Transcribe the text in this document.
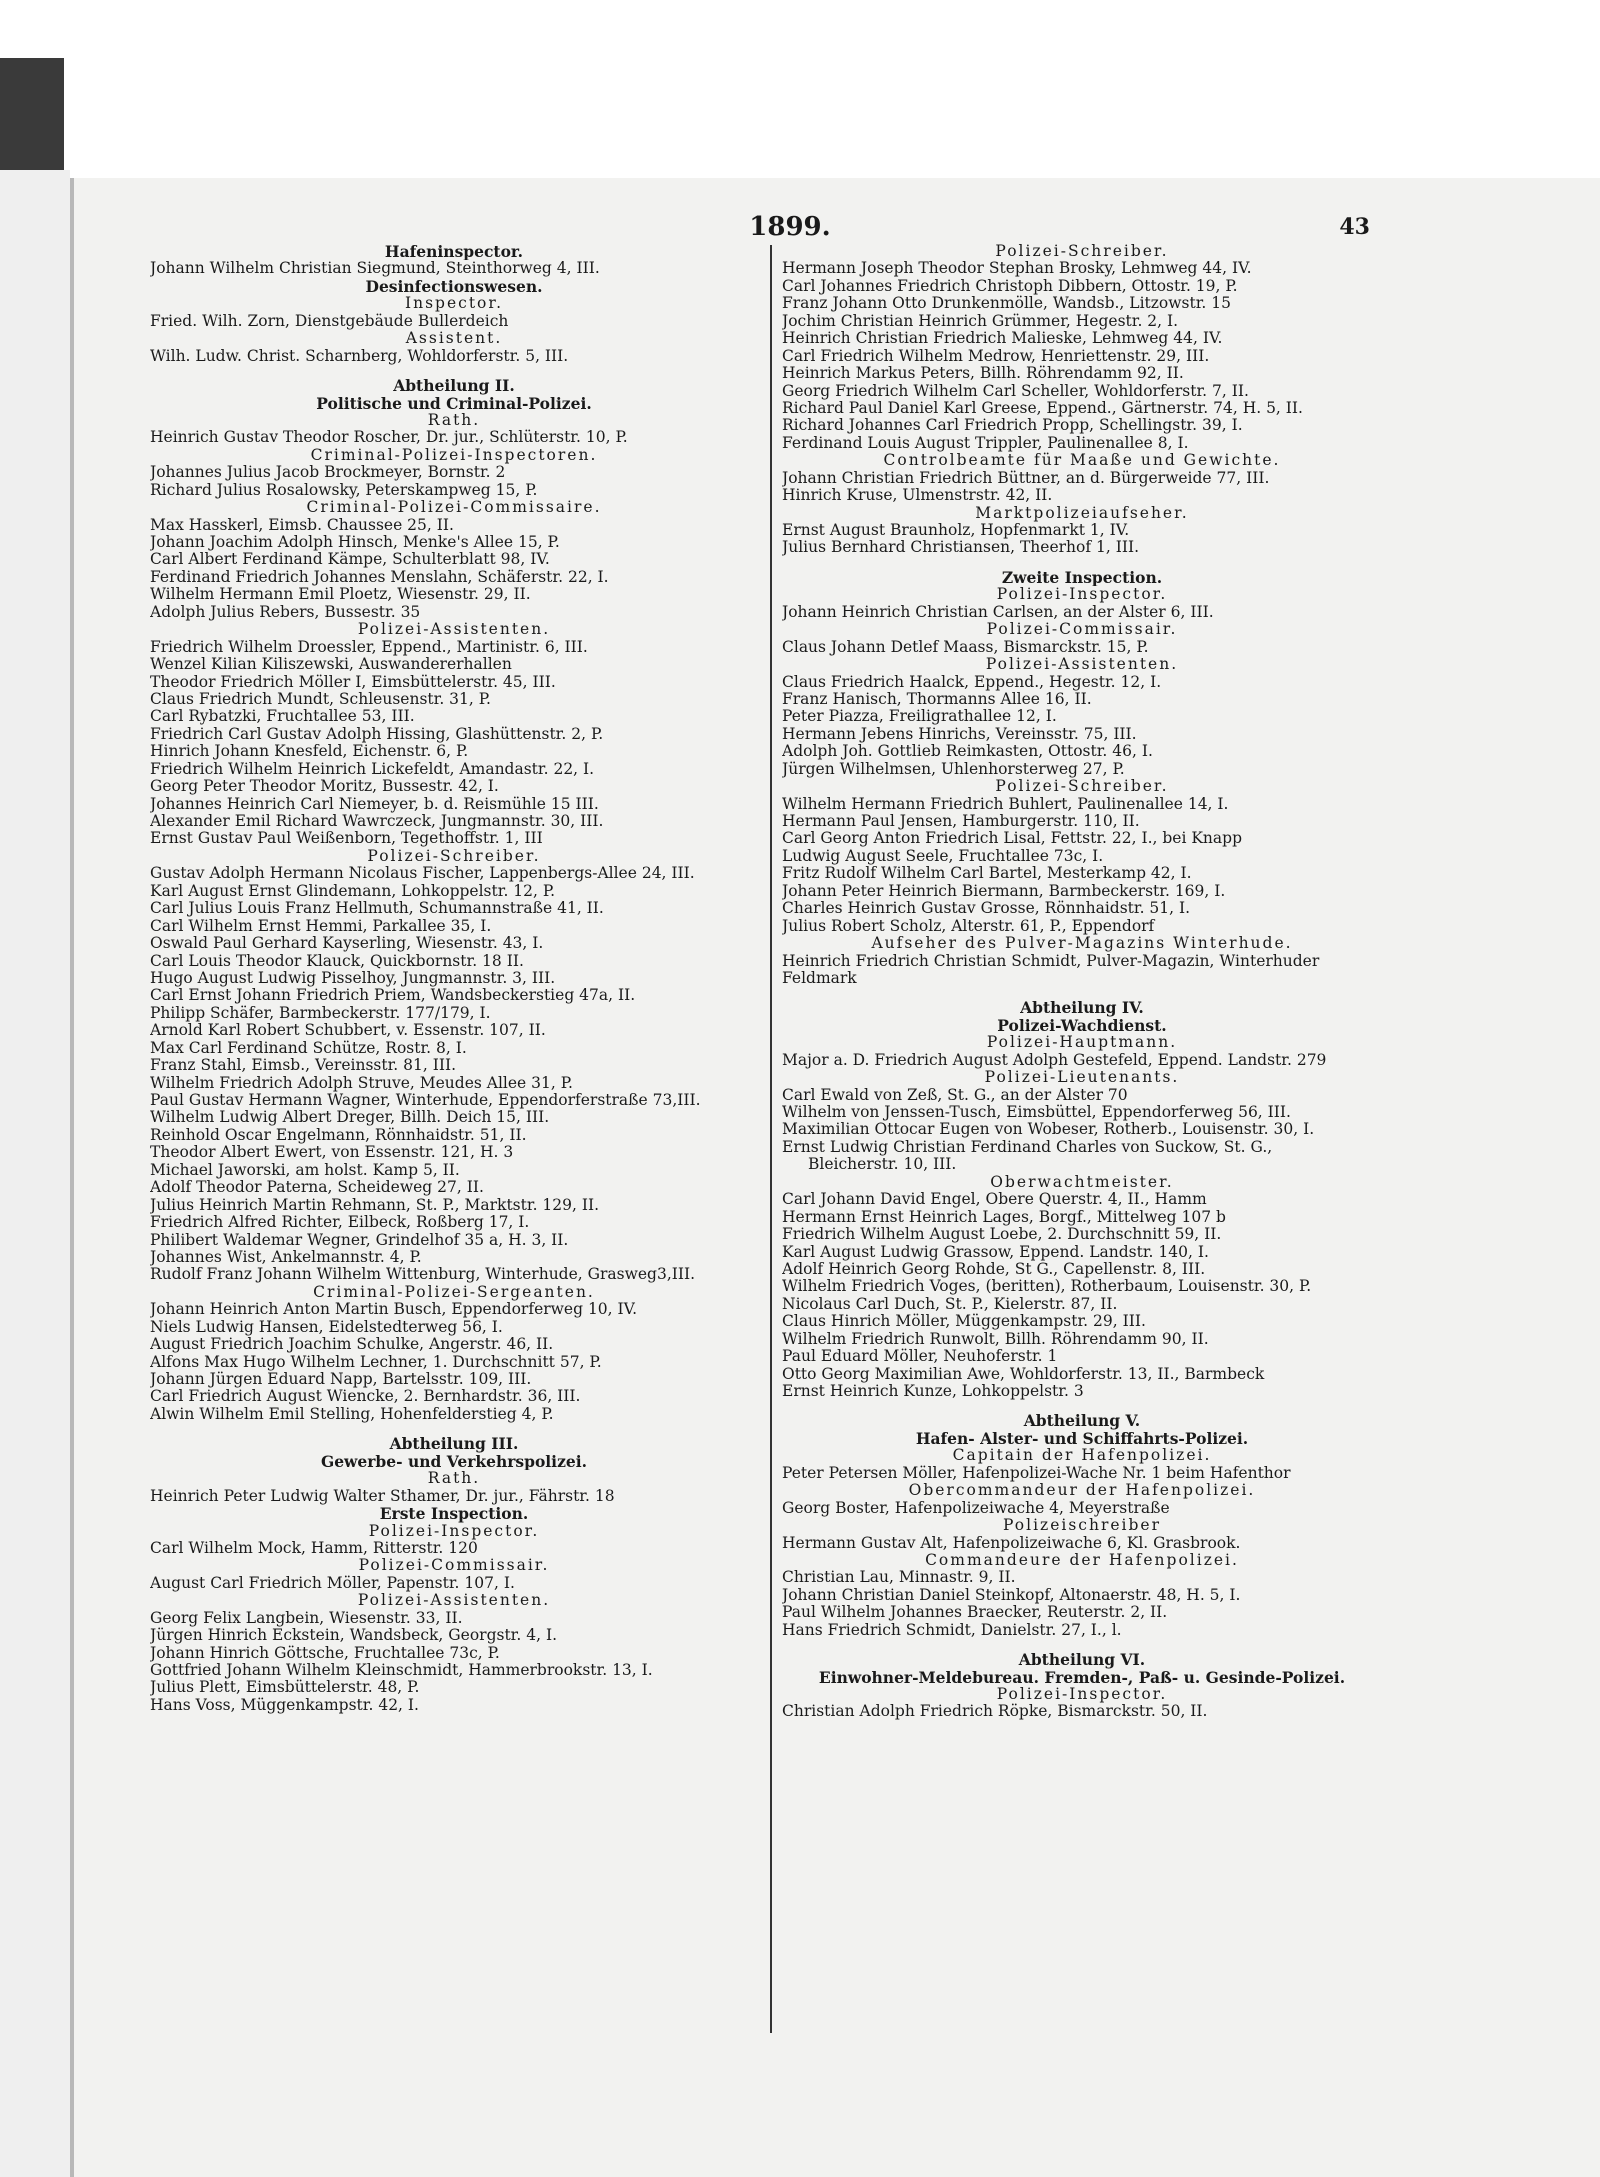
1899.	43
Hafeninspector.
Johann Wilhelm Christian Siegmund, Steinthorweg 4, III.
Desinfectionswesen.
Inspector.
Fried. Wilh. Zorn, Dienstgebäude Bullerdeich
Assistent.
Wilh. Ludw. Christ. Scharnberg, Wohldorferstr. 5, III.
Abtheilung II.
Politische und Criminal-Polizei.
Rath.
Heinrich Gustav Theodor Roscher, Dr. jur., Schlüterstr. 10, P.
Criminal-Polizei-Inspectoren.
Johannes Julius Jacob Brockmeyer, Bornstr. 2
Richard Julius Rosalowsky, Peterskampweg 15, P.
Criminal-Polizei-Commissaire.
Max Hasskerl, Eimsb. Chaussee 25, II.
Johann Joachim Adolph Hinsch, Menke's Allee 15, P.
Carl Albert Ferdinand Kämpe, Schulterblatt 98, IV.
Ferdinand Friedrich Johannes Menslahn, Schäferstr. 22, I.
Wilhelm Hermann Emil Ploetz, Wiesenstr. 29, II.
Adolph Julius Rebers, Bussestr. 35
Polizei-Assistenten.
Friedrich Wilhelm Droessler, Eppend., Martinistr. 6, III.
Wenzel Kilian Kiliszewski, Auswandererhallen
Theodor Friedrich Möller I, Eimsbüttelerstr. 45, III.
Claus Friedrich Mundt, Schleusenstr. 31, P.
Carl Rybatzki, Fruchtallee 53, III.
Friedrich Carl Gustav Adolph Hissing, Glashüttenstr. 2, P.
Hinrich Johann Knesfeld, Eichenstr. 6, P.
Friedrich Wilhelm Heinrich Lickefeldt, Amandastr. 22, I.
Georg Peter Theodor Moritz, Bussestr. 42, I.
Johannes Heinrich Carl Niemeyer, b. d. Reismühle 15 III.
Alexander Emil Richard Wawrczeck, Jungmannstr. 30, III.
Ernst Gustav Paul Weißenborn, Tegethoffstr. 1, III
Polizei-Schreiber.
Gustav Adolph Hermann Nicolaus Fischer, Lappenbergs-Allee 24, III.
Karl August Ernst Glindemann, Lohkoppelstr. 12, P.
Carl Julius Louis Franz Hellmuth, Schumannstraße 41, II.
Carl Wilhelm Ernst Hemmi, Parkallee 35, I.
Oswald Paul Gerhard Kayserling, Wiesenstr. 43, I.
Carl Louis Theodor Klauck, Quickbornstr. 18 II.
Hugo August Ludwig Pisselhoy, Jungmannstr. 3, III.
Carl Ernst Johann Friedrich Priem, Wandsbeckerstieg 47a, II.
Philipp Schäfer, Barmbeckerstr. 177/179, I.
Arnold Karl Robert Schubbert, v. Essenstr. 107, II.
Max Carl Ferdinand Schütze, Rostr. 8, I.
Franz Stahl, Eimsb., Vereinsstr. 81, III.
Wilhelm Friedrich Adolph Struve, Meudes Allee 31, P.
Paul Gustav Hermann Wagner, Winterhude, Eppendorferstraße 73,III.
Wilhelm Ludwig Albert Dreger, Billh. Deich 15, III.
Reinhold Oscar Engelmann, Rönnhaidstr. 51, II.
Theodor Albert Ewert, von Essenstr. 121, H. 3
Michael Jaworski, am holst. Kamp 5, II.
Adolf Theodor Paterna, Scheideweg 27, II.
Julius Heinrich Martin Rehmann, St. P., Marktstr. 129, II.
Friedrich Alfred Richter, Eilbeck, Roßberg 17, I.
Philibert Waldemar Wegner, Grindelhof 35 a, H. 3, II.
Johannes Wist, Ankelmannstr. 4, P.
Rudolf Franz Johann Wilhelm Wittenburg, Winterhude, Grasweg3,III.
Criminal-Polizei-Sergeanten.
Johann Heinrich Anton Martin Busch, Eppendorferweg 10, IV.
Niels Ludwig Hansen, Eidelstedterweg 56, I.
August Friedrich Joachim Schulke, Angerstr. 46, II.
Alfons Max Hugo Wilhelm Lechner, 1. Durchschnitt 57, P.
Johann Jürgen Eduard Napp, Bartelsstr. 109, III.
Carl Friedrich August Wiencke, 2. Bernhardstr. 36, III.
Alwin Wilhelm Emil Stelling, Hohenfelderstieg 4, P.
Abtheilung III.
Gewerbe- und Verkehrspolizei.
Rath.
Heinrich Peter Ludwig Walter Sthamer, Dr. jur., Fährstr. 18
Erste Inspection.
Polizei-Inspector.
Carl Wilhelm Mock, Hamm, Ritterstr. 120
Polizei-Commissair.
August Carl Friedrich Möller, Papenstr. 107, I.
Polizei-Assistenten.
Georg Felix Langbein, Wiesenstr. 33, II.
Jürgen Hinrich Eckstein, Wandsbeck, Georgstr. 4, I.
Johann Hinrich Göttsche, Fruchtallee 73c, P.
Gottfried Johann Wilhelm Kleinschmidt, Hammerbrookstr. 13, I.
Julius Plett, Eimsbüttelerstr. 48, P.
Hans Voss, Müggenkampstr. 42, I.
Polizei-Schreiber.
Hermann Joseph Theodor Stephan Brosky, Lehmweg 44, IV.
Carl Johannes Friedrich Christoph Dibbern, Ottostr. 19, P.
Franz Johann Otto Drunkenmölle, Wandsb., Litzowstr. 15
Jochim Christian Heinrich Grümmer, Hegestr. 2, I.
Heinrich Christian Friedrich Malieske, Lehmweg 44, IV.
Carl Friedrich Wilhelm Medrow, Henriettenstr. 29, III.
Heinrich Markus Peters, Billh. Röhrendamm 92, II.
Georg Friedrich Wilhelm Carl Scheller, Wohldorferstr. 7, II.
Richard Paul Daniel Karl Greese, Eppend., Gärtnerstr. 74, H. 5, II.
Richard Johannes Carl Friedrich Propp, Schellingstr. 39, I.
Ferdinand Louis August Trippler, Paulinenallee 8, I.
Controlbeamte für Maaße und Gewichte.
Johann Christian Friedrich Büttner, an d. Bürgerweide 77, III.
Hinrich Kruse, Ulmenstrstr. 42, II.
Marktpolizeiaufseher.
Ernst August Braunholz, Hopfenmarkt 1, IV.
Julius Bernhard Christiansen, Theerhof 1, III.
Zweite Inspection.
Polizei-Inspector.
Johann Heinrich Christian Carlsen, an der Alster 6, III.
Polizei-Commissair.
Claus Johann Detlef Maass, Bismarckstr. 15, P.
Polizei-Assistenten.
Claus Friedrich Haalck, Eppend., Hegestr. 12, I.
Franz Hanisch, Thormanns Allee 16, II.
Peter Piazza, Freiligrathallee 12, I.
Hermann Jebens Hinrichs, Vereinsstr. 75, III.
Adolph Joh. Gottlieb Reimkasten, Ottostr. 46, I.
Jürgen Wilhelmsen, Uhlenhorsterweg 27, P.
Polizei-Schreiber.
Wilhelm Hermann Friedrich Buhlert, Paulinenallee 14, I.
Hermann Paul Jensen, Hamburgerstr. 110, II.
Carl Georg Anton Friedrich Lisal, Fettstr. 22, I., bei Knapp
Ludwig August Seele, Fruchtallee 73c, I.
Fritz Rudolf Wilhelm Carl Bartel, Mesterkamp 42, I.
Johann Peter Heinrich Biermann, Barmbeckerstr. 169, I.
Charles Heinrich Gustav Grosse, Rönnhaidstr. 51, I.
Julius Robert Scholz, Alterstr. 61, P., Eppendorf
Aufseher des Pulver-Magazins Winterhude.
Heinrich Friedrich Christian Schmidt, Pulver-Magazin, Winterhuder
Feldmark
Abtheilung IV.
Polizei-Wachdienst.
Polizei-Hauptmann.
Major a. D. Friedrich August Adolph Gestefeld, Eppend. Landstr. 279
Polizei-Lieutenants.
Carl Ewald von Zeß, St. G., an der Alster 70
Wilhelm von Jenssen-Tusch, Eimsbüttel, Eppendorferweg 56, III.
Maximilian Ottocar Eugen von Wobeser, Rotherb., Louisenstr. 30, I.
Ernst Ludwig Christian Ferdinand Charles von Suckow, St. G.,
Bleicherstr. 10, III.
Oberwachtmeister.
Carl Johann David Engel, Obere Querstr. 4, II., Hamm
Hermann Ernst Heinrich Lages, Borgf., Mittelweg 107 b
Friedrich Wilhelm August Loebe, 2. Durchschnitt 59, II.
Karl August Ludwig Grassow, Eppend. Landstr. 140, I.
Adolf Heinrich Georg Rohde, St G., Capellenstr. 8, III.
Wilhelm Friedrich Voges, (beritten), Rotherbaum, Louisenstr. 30, P.
Nicolaus Carl Duch, St. P., Kielerstr. 87, II.
Claus Hinrich Möller, Müggenkampstr. 29, III.
Wilhelm Friedrich Runwolt, Billh. Röhrendamm 90, II.
Paul Eduard Möller, Neuhoferstr. 1
Otto Georg Maximilian Awe, Wohldorferstr. 13, II., Barmbeck
Ernst Heinrich Kunze, Lohkoppelstr. 3
Abtheilung V.
Hafen- Alster- und Schiffahrts-Polizei.
Capitain der Hafenpolizei.
Peter Petersen Möller, Hafenpolizei-Wache Nr. 1 beim Hafenthor
Obercommandeur der Hafenpolizei.
Georg Boster, Hafenpolizeiwache 4, Meyerstraße
Polizeischreiber
Hermann Gustav Alt, Hafenpolizeiwache 6, Kl. Grasbrook.
Commandeure der Hafenpolizei.
Christian Lau, Minnastr. 9, II.
Johann Christian Daniel Steinkopf, Altonaerstr. 48, H. 5, I.
Paul Wilhelm Johannes Braecker, Reuterstr. 2, II.
Hans Friedrich Schmidt, Danielstr. 27, I., l.
Abtheilung VI.
Einwohner-Meldebureau. Fremden-, Paß- u. Gesinde-Polizei.
Polizei-Inspector.
Christian Adolph Friedrich Röpke, Bismarckstr. 50, II.
